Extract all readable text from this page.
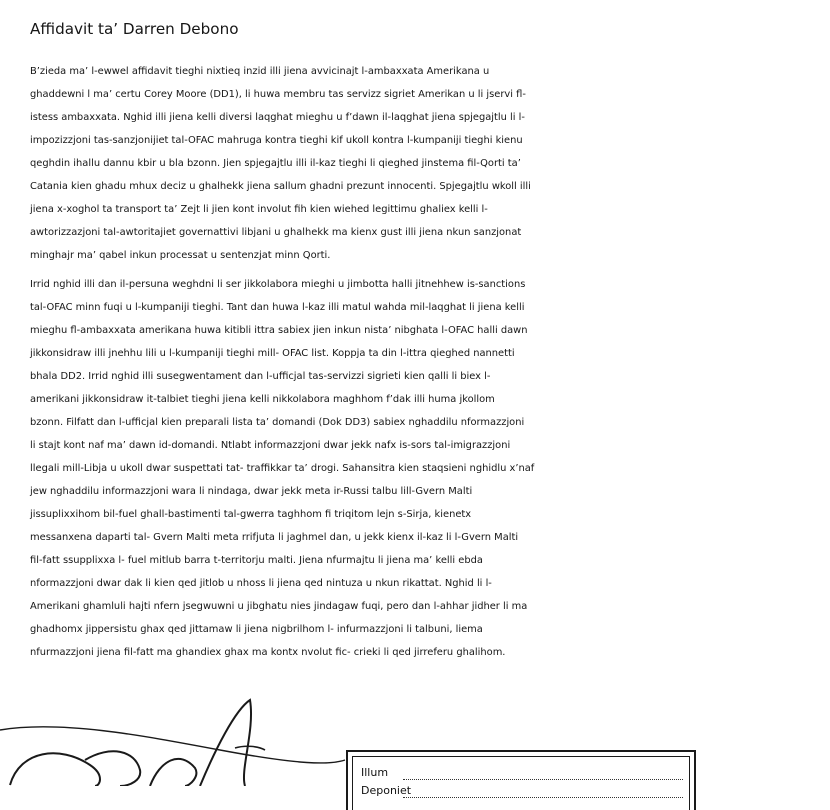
Affidavit ta’ Darren Debono
B’zieda ma’ l-ewwel affidavit tieghi nixtieq inzid illi jiena avvicinajt l-ambaxxata Amerikana u
ghaddewni l ma’ certu Corey Moore (DD1), li huwa membru tas servizz sigriet Amerikan u li jservi fl-
istess ambaxxata. Nghid illi jiena kelli diversi laqghat mieghu u f’dawn il-laqghat jiena spjegajtlu li l-
impozizzjoni tas-sanzjonijiet tal-OFAC mahruga kontra tieghi kif ukoll kontra l-kumpaniji tieghi kienu
qeghdin ihallu dannu kbir u bla bzonn. Jien spjegajtlu illi il-kaz tieghi li qieghed jinstema fil-Qorti ta’
Catania kien ghadu mhux deciz u ghalhekk jiena sallum ghadni prezunt innocenti. Spjegajtlu wkoll illi
jiena x-xoghol ta transport ta’ Zejt li jien kont involut fih kien wiehed legittimu ghaliex kelli l-
awtorizzazjoni tal-awtoritajiet governattivi libjani u ghalhekk ma kienx gust illi jiena nkun sanzjonat
minghajr ma’ qabel inkun processat u sentenzjat minn Qorti.
Irrid nghid illi dan il-persuna weghdni li ser jikkolabora mieghi u jimbotta halli jitnehhew is-sanctions
tal-OFAC minn fuqi u l-kumpaniji tieghi. Tant dan huwa l-kaz illi matul wahda mil-laqghat li jiena kelli
mieghu fl-ambaxxata amerikana huwa kitibli ittra sabiex jien inkun nista’ nibghata l-OFAC halli dawn
jikkonsidraw illi jnehhu lili u l-kumpaniji tieghi mill- OFAC list. Koppja ta din l-ittra qieghed nannetti
bhala DD2. Irrid nghid illi susegwentament dan l-ufficjal tas-servizzi sigrieti kien qalli li biex l-
amerikani jikkonsidraw it-talbiet tieghi jiena kelli nikkolabora maghhom f’dak illi huma jkollom
bzonn. Filfatt dan l-ufficjal kien preparali lista ta’ domandi (Dok DD3) sabiex nghaddilu nformazzjoni
li stajt kont naf ma’ dawn id-domandi. Ntlabt informazzjoni dwar jekk nafx is-sors tal-imigrazzjoni
llegali mill-Libja u ukoll dwar suspettati tat- traffikkar ta’ drogi. Sahansitra kien staqsieni nghidlu x’naf
jew nghaddilu informazzjoni wara li nindaga, dwar jekk meta ir-Russi talbu lill-Gvern Malti
jissuplixxihom bil-fuel ghall-bastimenti tal-gwerra taghhom fi triqitom lejn s-Sirja, kienetx
messanxena daparti tal- Gvern Malti meta rrifjuta li jaghmel dan, u jekk kienx il-kaz li l-Gvern Malti
fil-fatt ssupplixxa l- fuel mitlub barra t-territorju malti. Jiena nfurmajtu li jiena ma’ kelli ebda
nformazzjoni dwar dak li kien qed jitlob u nhoss li jiena qed nintuza u nkun rikattat. Nghid li l-
Amerikani ghamluli hajti nfern jsegwuwni u jibghatu nies jindagaw fuqi, pero dan l-ahhar jidher li ma
ghadhomx jippersistu ghax qed jittamaw li jiena nigbrilhom l- infurmazzjoni li talbuni, liema
nfurmazzjoni jiena fil-fatt ma ghandiex ghax ma kontx nvolut fic- crieki li qed jirreferu ghalihom.
Illum
Deponiet
